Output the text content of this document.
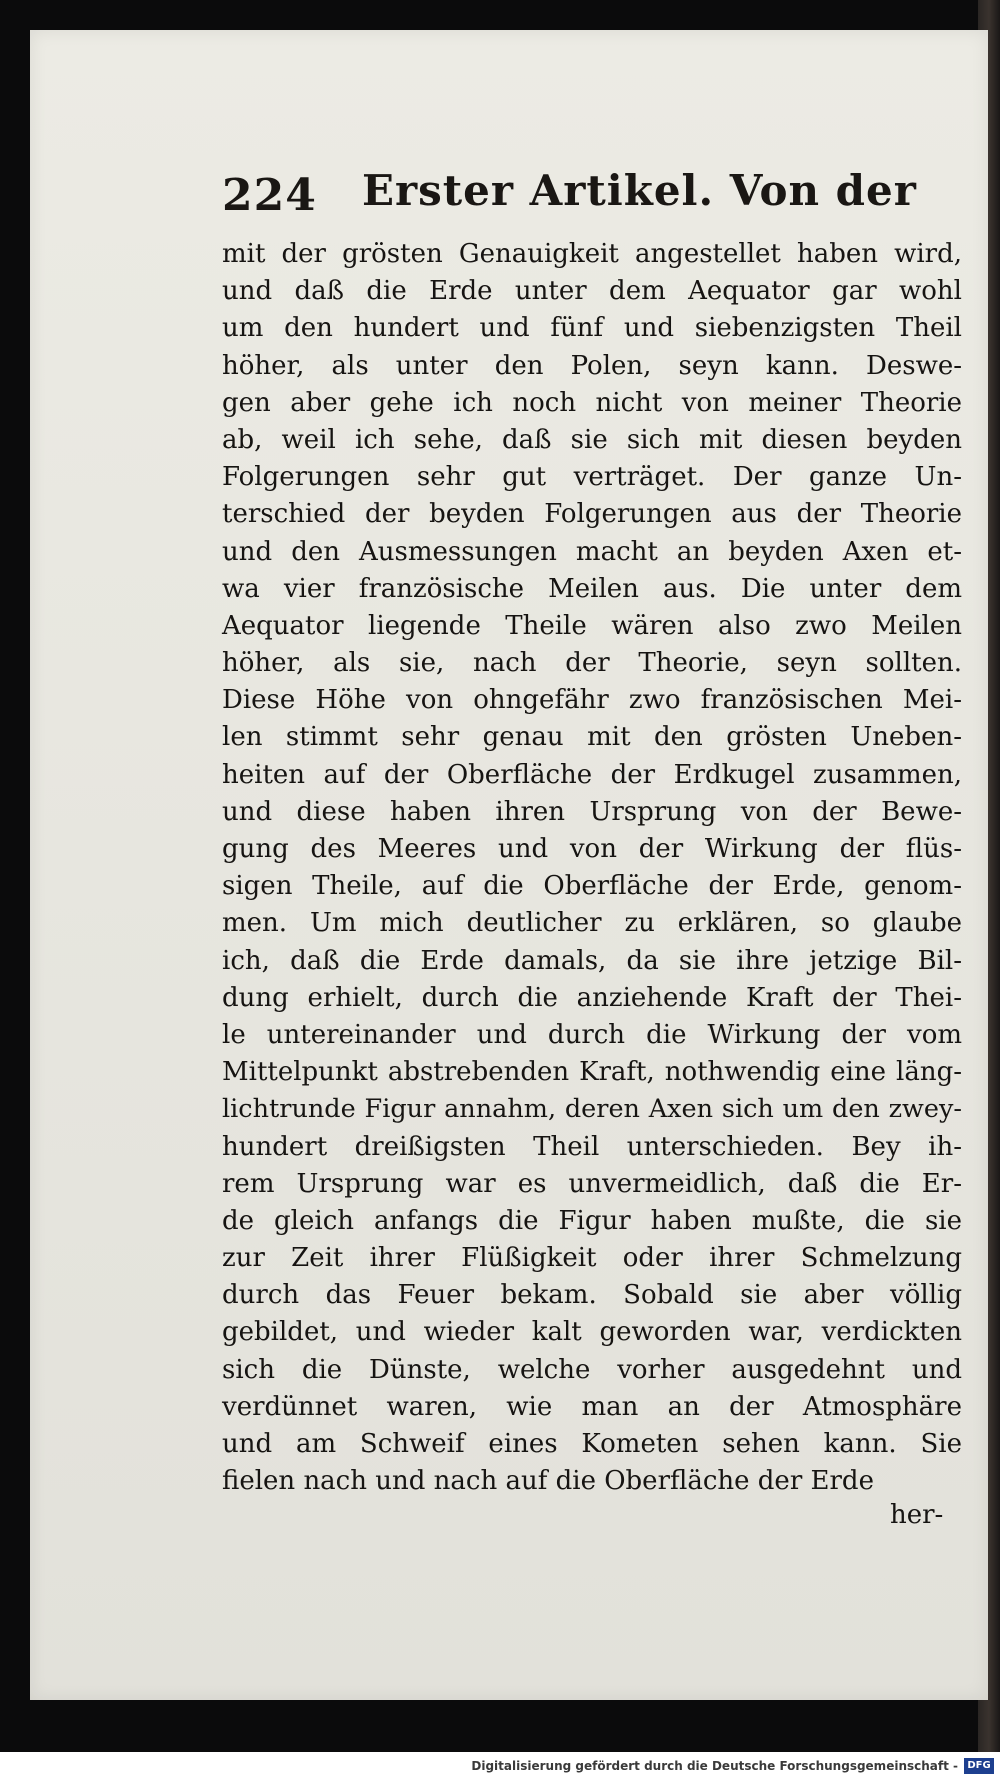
224 Erster Artikel. Von der
mit der grösten Genauigkeit angestellet haben wird,
und daß die Erde unter dem Aequator gar wohl
um den hundert und fünf und siebenzigsten Theil
höher, als unter den Polen, seyn kann. Deswe-
gen aber gehe ich noch nicht von meiner Theorie
ab, weil ich sehe, daß sie sich mit diesen beyden
Folgerungen sehr gut verträget. Der ganze Un-
terschied der beyden Folgerungen aus der Theorie
und den Ausmessungen macht an beyden Axen et-
wa vier französische Meilen aus. Die unter dem
Aequator liegende Theile wären also zwo Meilen
höher, als sie, nach der Theorie, seyn sollten.
Diese Höhe von ohngefähr zwo französischen Mei-
len stimmt sehr genau mit den grösten Uneben-
heiten auf der Oberfläche der Erdkugel zusammen,
und diese haben ihren Ursprung von der Bewe-
gung des Meeres und von der Wirkung der flüs-
sigen Theile, auf die Oberfläche der Erde, genom-
men. Um mich deutlicher zu erklären, so glaube
ich, daß die Erde damals, da sie ihre jetzige Bil-
dung erhielt, durch die anziehende Kraft der Thei-
le untereinander und durch die Wirkung der vom
Mittelpunkt abstrebenden Kraft, nothwendig eine läng-
lichtrunde Figur annahm, deren Axen sich um den zwey-
hundert dreißigsten Theil unterschieden. Bey ih-
rem Ursprung war es unvermeidlich, daß die Er-
de gleich anfangs die Figur haben mußte, die sie
zur Zeit ihrer Flüßigkeit oder ihrer Schmelzung
durch das Feuer bekam. Sobald sie aber völlig
gebildet, und wieder kalt geworden war, verdickten
sich die Dünste, welche vorher ausgedehnt und
verdünnet waren, wie man an der Atmosphäre
und am Schweif eines Kometen sehen kann. Sie
fielen nach und nach auf die Oberfläche der Erde
her-
Digitalisierung gefördert durch die Deutsche Forschungsgemeinschaft - DFG
